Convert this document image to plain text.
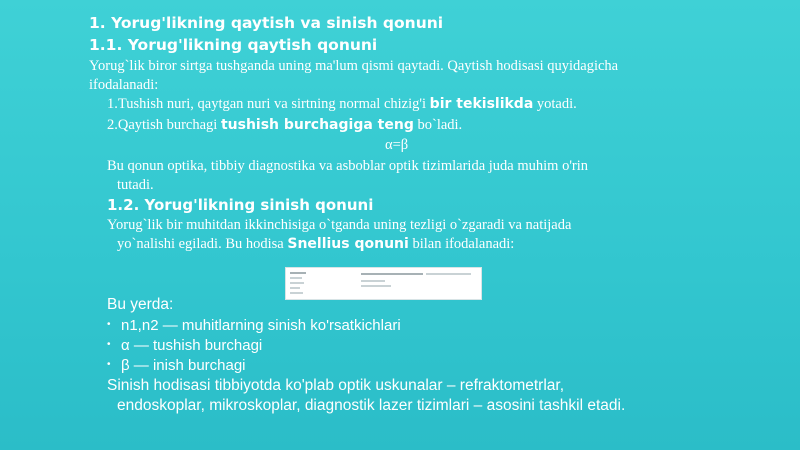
1. Yorug'likning qaytish va sinish qonuni
1.1. Yorug'likning qaytish qonuni
Yorug`lik biror sirtga tushganda uning ma'lum qismi qaytadi. Qaytish hodisasi quyidagicha ifodalanadi:
1.Tushish nuri, qaytgan nuri va sirtning normal chizig'i bir tekislikda yotadi.
2.Qaytish burchagi tushish burchagiga teng bo`ladi.
α=β
Bu qonun optika, tibbiy diagnostika va asboblar optik tizimlarida juda muhim o'rin
tutadi.
1.2. Yorug'likning sinish qonuni
Yorug`lik bir muhitdan ikkinchisiga o`tganda uning tezligi o`zgaradi va natijada
yo`nalishi egiladi. Bu hodisa Snellius qonuni bilan ifodalanadi:
Bu yerda:
• n1,n2 — muhitlarning sinish ko'rsatkichlari
• α — tushish burchagi
• β — inish burchagi
Sinish hodisasi tibbiyotda ko'plab optik uskunalar – refraktometrlar,
endoskoplar, mikroskoplar, diagnostik lazer tizimlari – asosini tashkil etadi.
